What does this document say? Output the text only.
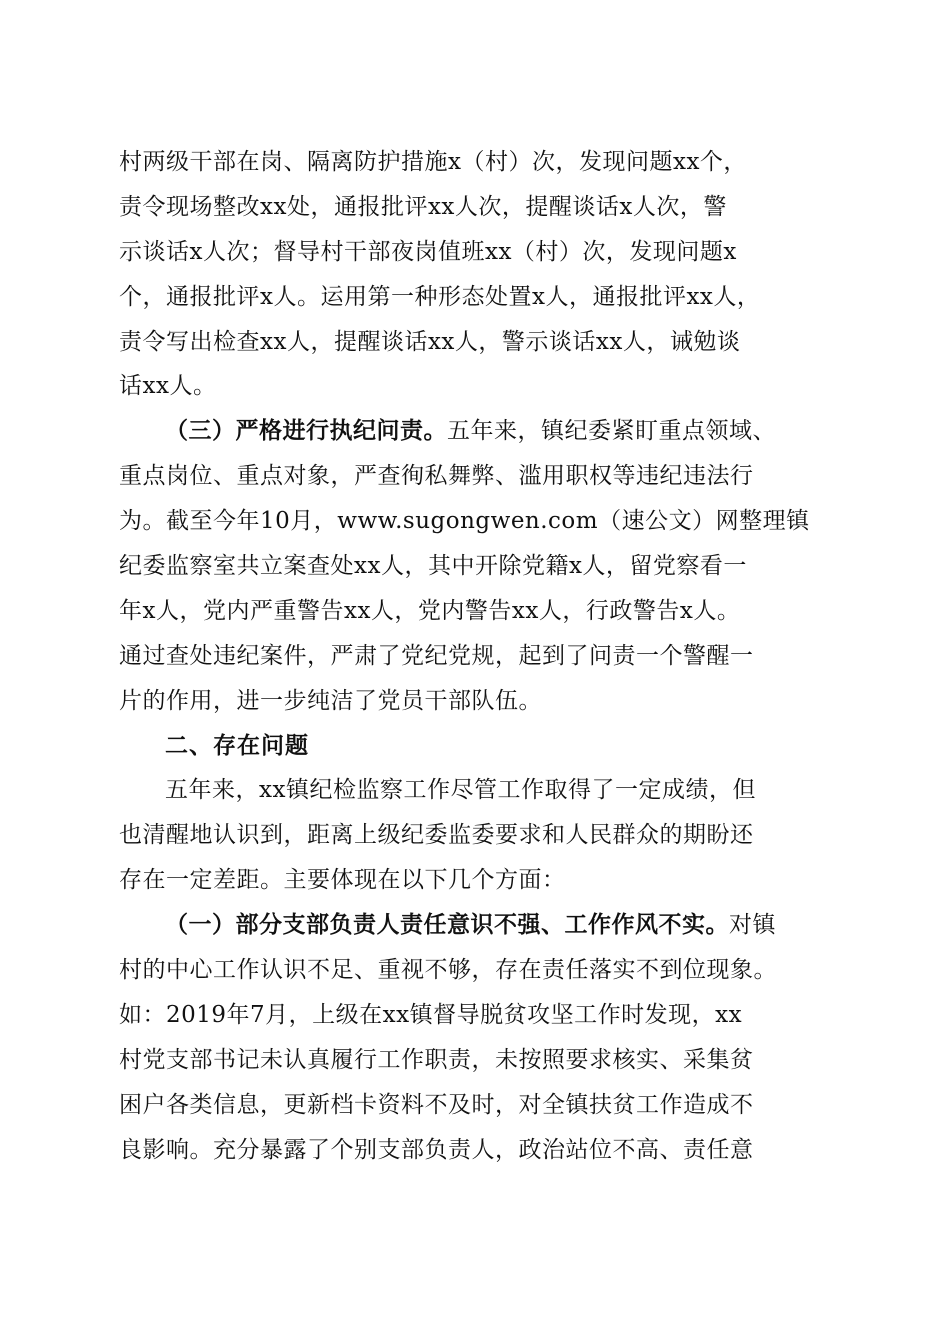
村两级干部在岗、隔离防护措施x（村）次，发现问题xx个，
责令现场整改xx处，通报批评xx人次，提醒谈话x人次，警
示谈话x人次；督导村干部夜岗值班xx（村）次，发现问题x
个，通报批评x人。运用第一种形态处置x人，通报批评xx人，
责令写出检查xx人，提醒谈话xx人，警示谈话xx人，诫勉谈
话xx人。
（三）严格进行执纪问责。五年来，镇纪委紧盯重点领域、
重点岗位、重点对象，严查徇私舞弊、滥用职权等违纪违法行
为。截至今年10月，www.sugongwen.com（速公文）网整理镇
纪委监察室共立案查处xx人，其中开除党籍x人，留党察看一
年x人，党内严重警告xx人，党内警告xx人，行政警告x人。
通过查处违纪案件，严肃了党纪党规，起到了问责一个警醒一
片的作用，进一步纯洁了党员干部队伍。
二、存在问题
五年来，xx镇纪检监察工作尽管工作取得了一定成绩，但
也清醒地认识到，距离上级纪委监委要求和人民群众的期盼还
存在一定差距。主要体现在以下几个方面：
（一）部分支部负责人责任意识不强、工作作风不实。对镇
村的中心工作认识不足、重视不够，存在责任落实不到位现象。
如：2019年7月，上级在xx镇督导脱贫攻坚工作时发现，xx
村党支部书记未认真履行工作职责，未按照要求核实、采集贫
困户各类信息，更新档卡资料不及时，对全镇扶贫工作造成不
良影响。充分暴露了个别支部负责人，政治站位不高、责任意
